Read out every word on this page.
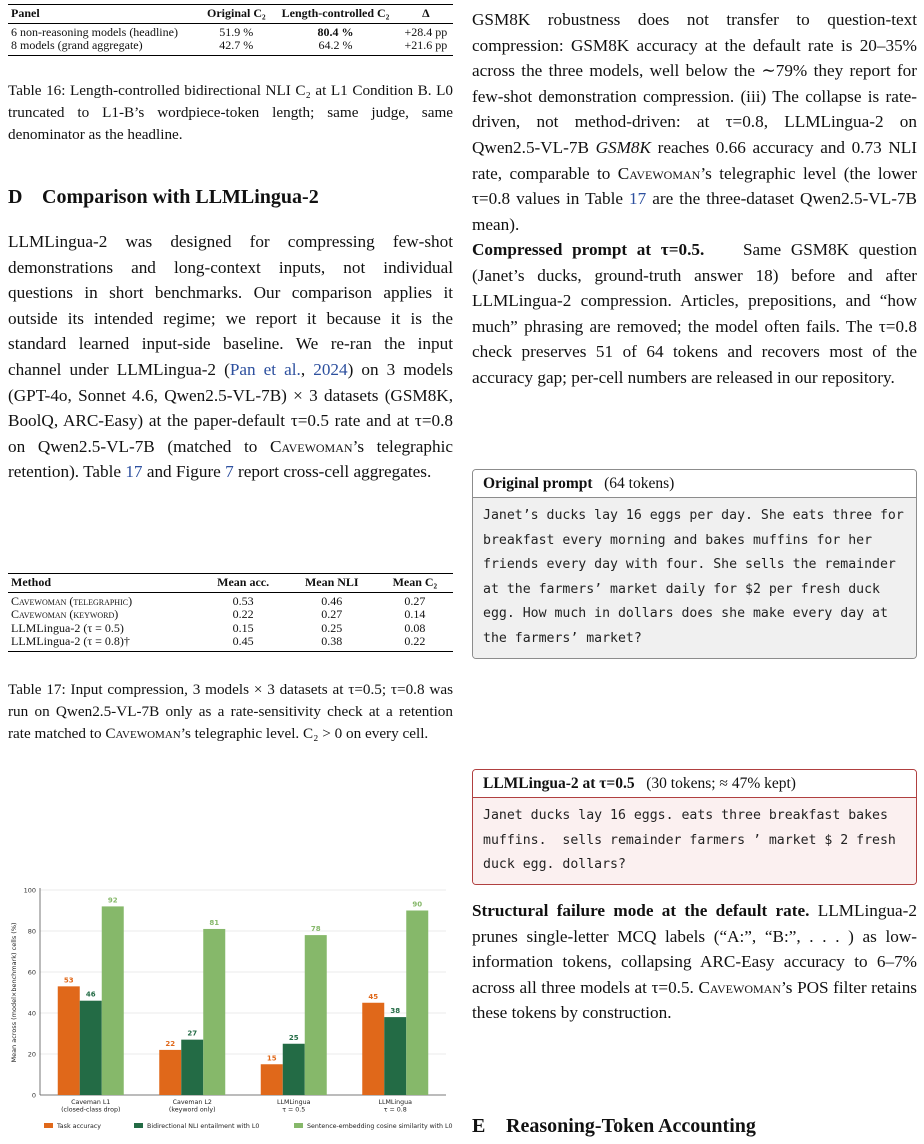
Panel	Original C₂	Length-controlled C₂	Δ
6 non-reasoning models (headline)	51.9 %	80.4 %	+28.4 pp
8 models (grand aggregate)	42.7 %	64.2 %	+21.6 pp

Table 16: Length-controlled bidirectional NLI C₂ at L1 Condition B. L0 truncated to L1-B’s wordpiece-token length; same judge, same denominator as the headline.

D Comparison with LLMLingua-2

LLMLingua-2 was designed for compressing few-shot demonstrations and long-context inputs, not individual questions in short benchmarks. Our comparison applies it outside its intended regime; we report it because it is the standard learned input-side baseline. We re-ran the input channel under LLMLingua-2 (Pan et al., 2024) on 3 models (GPT-4o, Sonnet 4.6, Qwen2.5-VL-7B) × 3 datasets (GSM8K, BoolQ, ARC-Easy) at the paper-default τ=0.5 rate and at τ=0.8 on Qwen2.5-VL-7B (matched to Cavewoman’s telegraphic retention). Table 17 and Figure 7 report cross-cell aggregates.

Method	Mean acc.	Mean NLI	Mean C₂
Cavewoman (telegraphic)	0.53	0.46	0.27
Cavewoman (keyword)	0.22	0.27	0.14
LLMLingua-2 (τ = 0.5)	0.15	0.25	0.08
LLMLingua-2 (τ = 0.8)†	0.45	0.38	0.22

Table 17: Input compression, 3 models × 3 datasets at τ=0.5; τ=0.8 was run on Qwen2.5-VL-7B only as a rate-sensitivity check at a retention rate matched to Cavewoman’s telegraphic level. C₂ > 0 on every cell.

0
20
40
60
80
100
Mean across (model×benchmark) cells (%)	53
46
92
Caveman L1
(closed-class drop)
22
27
81
Caveman L2
(keyword only)
15
25
78
LLMLingua
τ = 0.5
45
38
90
LLMLingua
τ = 0.8
Task accuracy	Bidirectional NLI entailment with L0	Sentence-embedding cosine similarity with L0

GSM8K robustness does not transfer to question-text compression: GSM8K accuracy at the default rate is 20–35% across the three models, well below the ∼79% they report for few-shot demonstration compression. (iii) The collapse is rate-driven, not method-driven: at τ=0.8, LLMLingua-2 on Qwen2.5-VL-7B GSM8K reaches 0.66 accuracy and 0.73 NLI rate, comparable to Cavewoman’s telegraphic level (the lower τ=0.8 values in Table 17 are the three-dataset Qwen2.5-VL-7B mean).

Compressed prompt at τ=0.5. Same GSM8K question (Janet’s ducks, ground-truth answer 18) before and after LLMLingua-2 compression. Articles, prepositions, and “how much” phrasing are removed; the model often fails. The τ=0.8 check preserves 51 of 64 tokens and recovers most of the accuracy gap; per-cell numbers are released in our repository.

Original prompt (64 tokens)
Janet’s ducks lay 16 eggs per day. She eats three for breakfast every morning and bakes muffins for her friends every day with four. She sells the remainder at the farmers’ market daily for $2 per fresh duck egg. How much in dollars does she make every day at the farmers’ market?
LLMLingua-2 at τ=0.5 (30 tokens; ≈ 47% kept)
Janet ducks lay 16 eggs. eats three breakfast bakes muffins.  sells remainder farmers ’ market $ 2 fresh duck egg. dollars?

Structural failure mode at the default rate. LLMLingua-2 prunes single-letter MCQ labels (“A:”, “B:”, . . . ) as low-information tokens, collapsing ARC-Easy accuracy to 6–7% across all three models at τ=0.5. Cavewoman’s POS filter retains these tokens by construction.

E Reasoning-Token Accounting
